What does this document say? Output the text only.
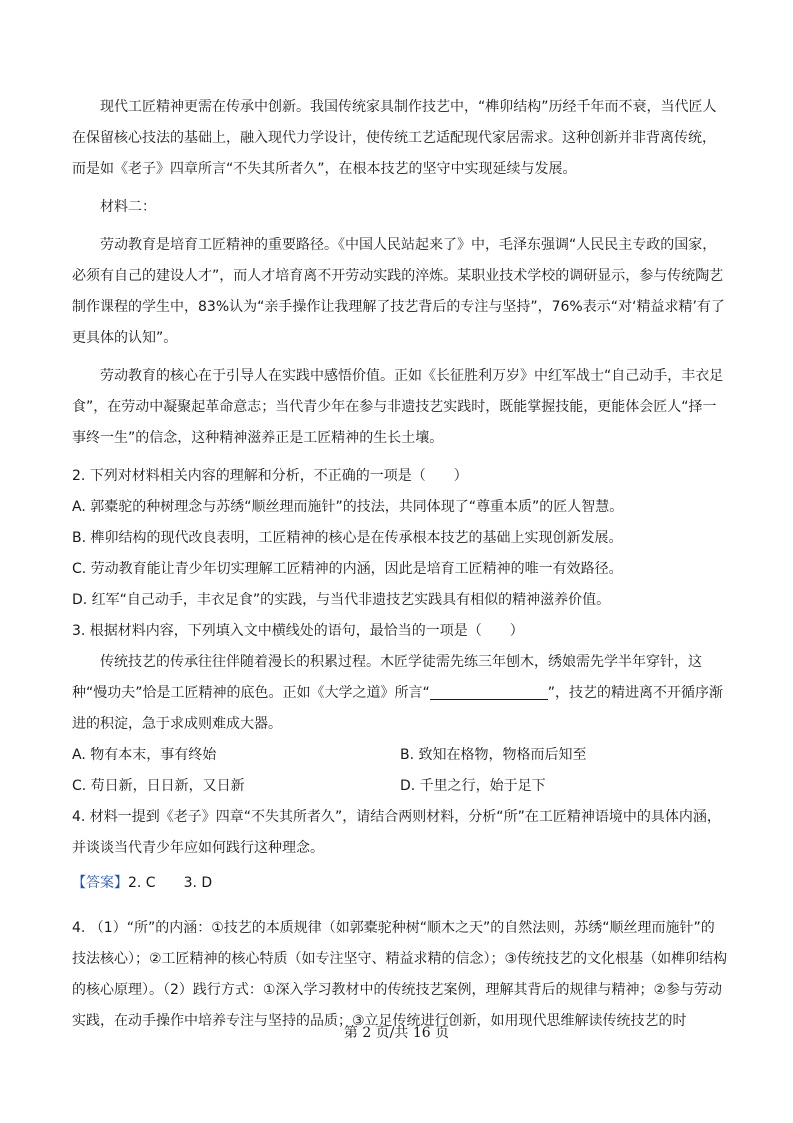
现代工匠精神更需在传承中创新。我国传统家具制作技艺中，“榫卯结构”历经千年而不衰，当代匠人在保留核心技法的基础上，融入现代力学设计，使传统工艺适配现代家居需求。这种创新并非背离传统，而是如《老子》四章所言“不失其所者久”，在根本技艺的坚守中实现延续与发展。

材料二：

劳动教育是培育工匠精神的重要路径。《中国人民站起来了》中，毛泽东强调“人民民主专政的国家，必须有自己的建设人才”，而人才培育离不开劳动实践的淬炼。某职业技术学校的调研显示，参与传统陶艺制作课程的学生中，83%认为“亲手操作让我理解了技艺背后的专注与坚持”，76%表示“对‘精益求精’有了更具体的认知”。

劳动教育的核心在于引导人在实践中感悟价值。正如《长征胜利万岁》中红军战士“自己动手，丰衣足食”，在劳动中凝聚起革命意志；当代青少年在参与非遗技艺实践时，既能掌握技能，更能体会匠人“择一事终一生”的信念，这种精神滋养正是工匠精神的生长土壤。

2. 下列对材料相关内容的理解和分析，不正确的一项是（　　）

A. 郭橐驼的种树理念与苏绣“顺丝理而施针”的技法，共同体现了“尊重本质”的匠人智慧。

B. 榫卯结构的现代改良表明，工匠精神的核心是在传承根本技艺的基础上实现创新发展。

C. 劳动教育能让青少年切实理解工匠精神的内涵，因此是培育工匠精神的唯一有效路径。

D. 红军“自己动手，丰衣足食”的实践，与当代非遗技艺实践具有相似的精神滋养价值。

3. 根据材料内容，下列填入文中横线处的语句，最恰当的一项是（　　）

传统技艺的传承往往伴随着漫长的积累过程。木匠学徒需先练三年刨木，绣娘需先学半年穿针，这种“慢功夫”恰是工匠精神的底色。正如《大学之道》所言“	”，技艺的精进离不开循序渐进的积淀，急于求成则难成大器。

A. 物有本末，事有终始	B. 致知在格物，物格而后知至

C. 苟日新，日日新，又日新	D. 千里之行，始于足下

4. 材料一提到《老子》四章“不失其所者久”，请结合两则材料，分析“所”在工匠精神语境中的具体内涵，并谈谈当代青少年应如何践行这种理念。

【答案】2. C　　3. D

4. （1）“所”的内涵：①技艺的本质规律（如郭橐驼种树“顺木之天”的自然法则，苏绣“顺丝理而施针”的技法核心）；②工匠精神的核心特质（如专注坚守、精益求精的信念）；③传统技艺的文化根基（如榫卯结构的核心原理）。（2）践行方式：①深入学习教材中的传统技艺案例，理解其背后的规律与精神；②参与劳动实践，在动手操作中培养专注与坚持的品质；③立足传统进行创新，如用现代思维解读传统技艺的时

第 2 页/共 16 页
